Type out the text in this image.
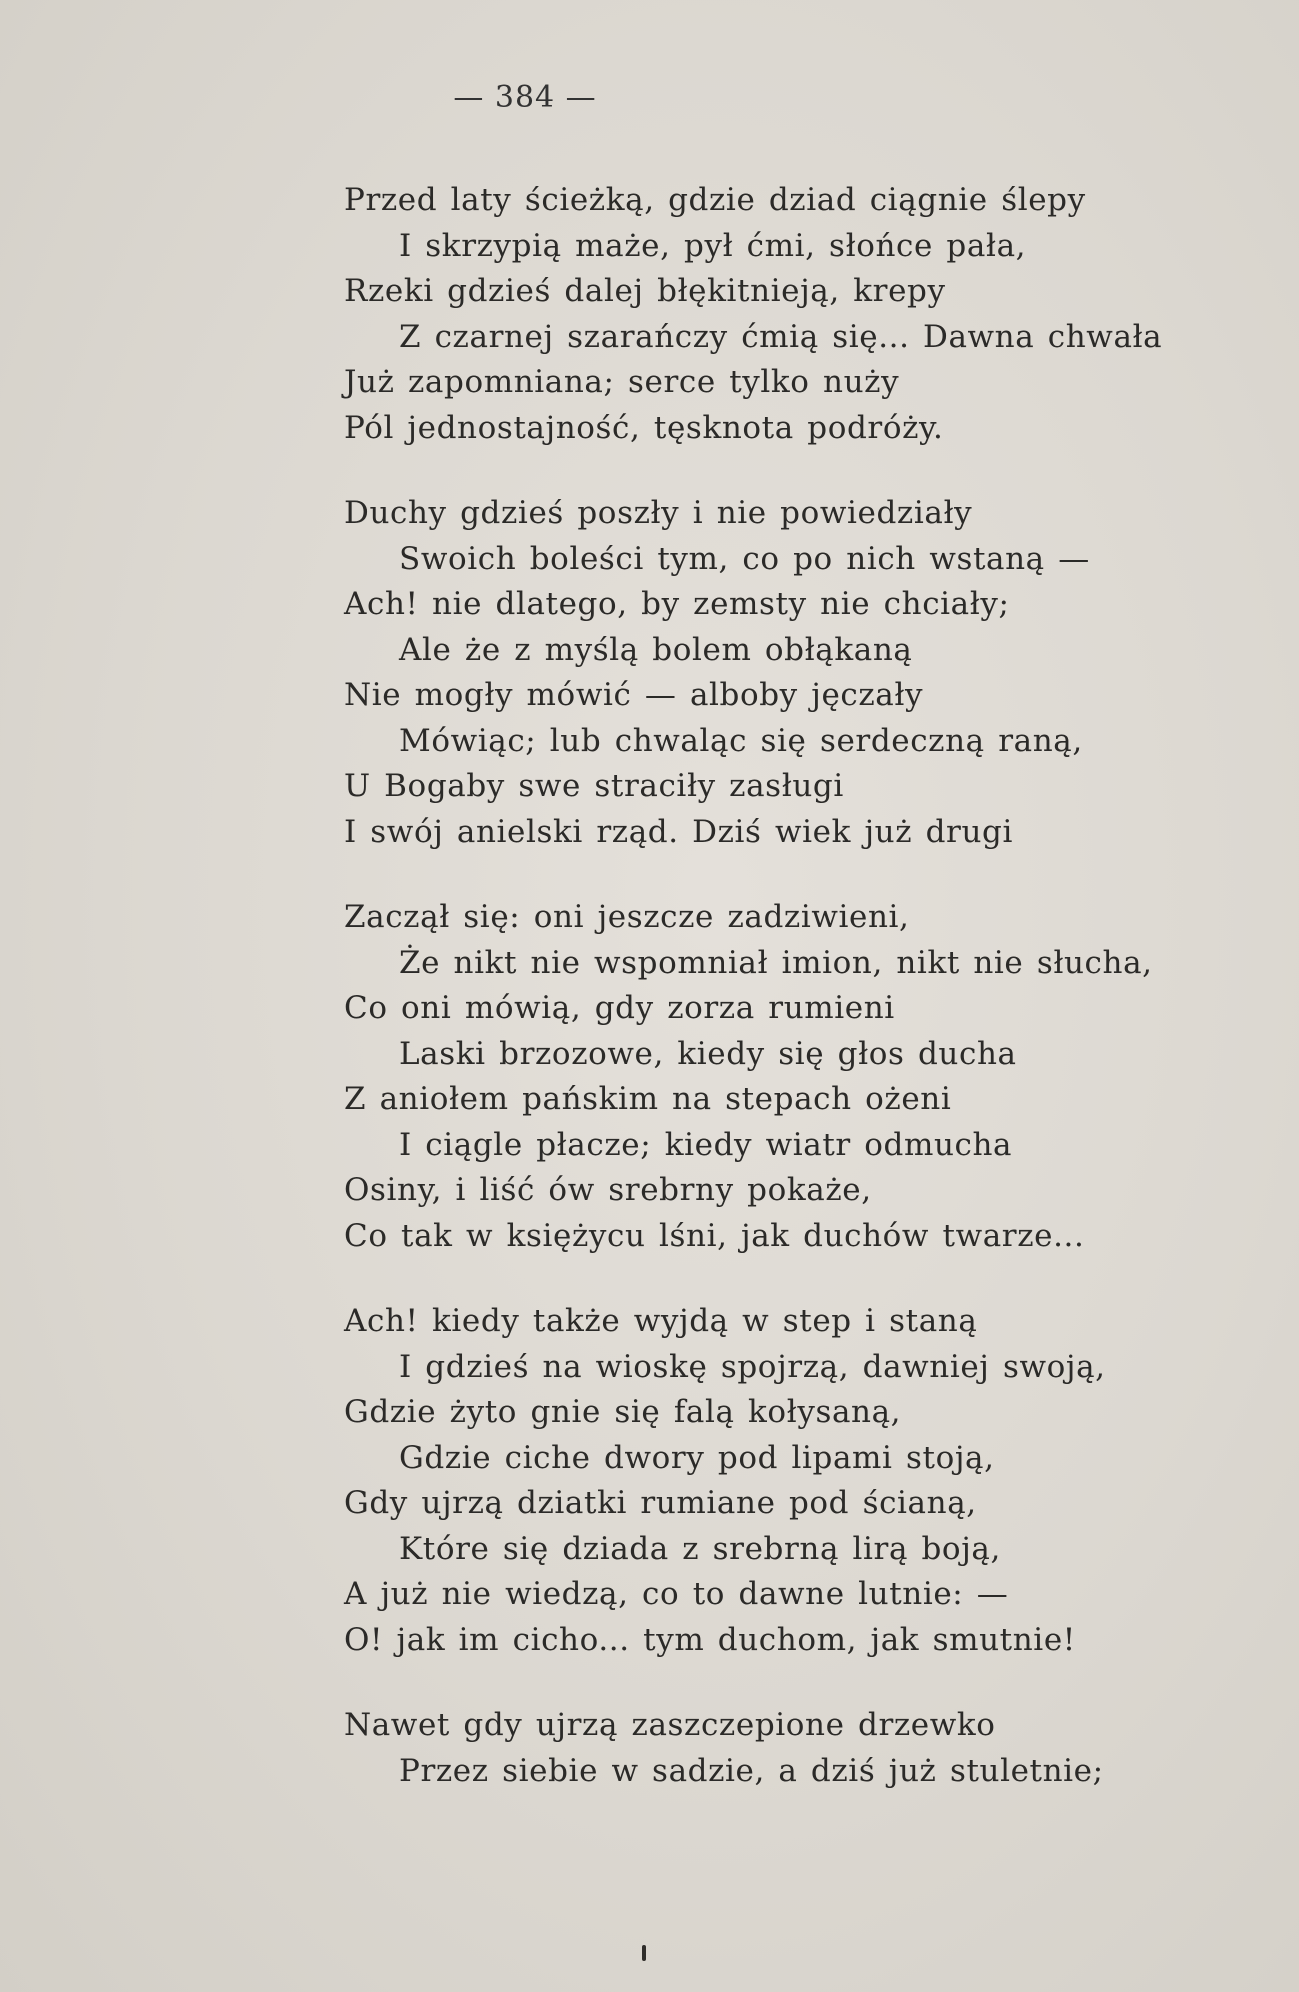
— 384 —
Przed laty ścieżką, gdzie dziad ciągnie ślepy
I skrzypią maże, pył ćmi, słońce pała,
Rzeki gdzieś dalej błękitnieją, krepy
Z czarnej szarańczy ćmią się... Dawna chwała
Już zapomniana; serce tylko nuży
Pól jednostajność, tęsknota podróży.
Duchy gdzieś poszły i nie powiedziały
Swoich boleści tym, co po nich wstaną —
Ach! nie dlatego, by zemsty nie chciały;
Ale że z myślą bolem obłąkaną
Nie mogły mówić — alboby jęczały
Mówiąc; lub chwaląc się serdeczną raną,
U Bogaby swe straciły zasługi
I swój anielski rząd. Dziś wiek już drugi
Zaczął się: oni jeszcze zadziwieni,
Że nikt nie wspomniał imion, nikt nie słucha,
Co oni mówią, gdy zorza rumieni
Laski brzozowe, kiedy się głos ducha
Z aniołem pańskim na stepach ożeni
I ciągle płacze; kiedy wiatr odmucha
Osiny, i liść ów srebrny pokaże,
Co tak w księżycu lśni, jak duchów twarze...
Ach! kiedy także wyjdą w step i staną
I gdzieś na wioskę spojrzą, dawniej swoją,
Gdzie żyto gnie się falą kołysaną,
Gdzie ciche dwory pod lipami stoją,
Gdy ujrzą dziatki rumiane pod ścianą,
Które się dziada z srebrną lirą boją,
A już nie wiedzą, co to dawne lutnie: —
O! jak im cicho... tym duchom, jak smutnie!
Nawet gdy ujrzą zaszczepione drzewko
Przez siebie w sadzie, a dziś już stuletnie;
